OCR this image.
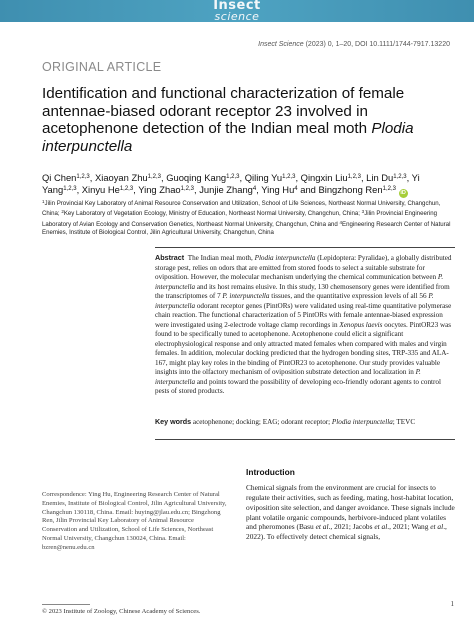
Insect
science
Insect Science (2023) 0, 1–20, DOI 10.1111/1744-7917.13220
ORIGINAL ARTICLE
Identification and functional characterization of female antennae-biased odorant receptor 23 involved in acetophenone detection of the Indian meal moth Plodia interpunctella
Qi Chen$^{1,2,3}$, Xiaoyan Zhu$^{1,2,3}$, Guoqing Kang$^{1,2,3}$, Qiling Yu$^{1,2,3}$, Qingxin Liu$^{1,2,3}$, Lin Du$^{1,2,3}$, Yi Yang$^{1,2,3}$, Xinyu He$^{1,2,3}$, Ying Zhao$^{1,2,3}$, Junjie Zhang$^4$, Ying Hu$^4$ and Bingzhong Ren$^{1,2,3}$ iD
$^1$Jilin Provincial Key Laboratory of Animal Resource Conservation and Utilization, School of Life Sciences, Northeast Normal University, Changchun, China; $^2$Key Laboratory of Vegetation Ecology, Ministry of Education, Northeast Normal University, Changchun, China; $^3$Jilin Provincial Engineering Laboratory of Avian Ecology and Conservation Genetics, Northeast Normal University, Changchun, China and $^4$Engineering Research Center of Natural Enemies, Institute of Biological Control, Jilin Agricultural University, Changchun, China
Abstract The Indian meal moth, Plodia interpunctella (Lepidoptera: Pyralidae), a globally distributed storage pest, relies on odors that are emitted from stored foods to select a suitable substrate for oviposition. However, the molecular mechanism underlying the chemical communication between P. interpunctella and its host remains elusive. In this study, 130 chemosensory genes were identified from the transcriptomes of 7 P. interpunctella tissues, and the quantitative expression levels of all 56 P. interpunctella odorant receptor genes (PintORs) were validated using real-time quantitative polymerase chain reaction. The functional characterization of 5 PintORs with female antennae-biased expression were investigated using 2-electrode voltage clamp recordings in Xenopus laevis oocytes. PintOR23 was found to be specifically tuned to acetophenone. Acetophenone could elicit a significant electrophysiological response and only attracted mated females when compared with males and virgin females. In addition, molecular docking predicted that the hydrogen bonding sites, TRP-335 and ALA-167, might play key roles in the binding of PintOR23 to acetophenone. Our study provides valuable insights into the olfactory mechanism of oviposition substrate detection and localization in P. interpunctella and points toward the possibility of developing eco-friendly odorant agents to control pests of stored products.
Key words acetophenone; docking; EAG; odorant receptor; Plodia interpunctella; TEVC
Introduction
Chemical signals from the environment are crucial for insects to regulate their activities, such as feeding, mating, host-habitat location, oviposition site selection, and danger avoidance. These signals include plant volatile organic compounds, herbivore-induced plant volatiles and pheromones (Basu et al., 2021; Jacobs et al., 2021; Wang et al., 2022). To effectively detect chemical signals,
Correspondence: Ying Hu, Engineering Research Center of Natural Enemies, Institute of Biological Control, Jilin Agricultural University, Changchun 130118, China. Email: huying@jlau.edu.cn; Bingzhong Ren, Jilin Provincial Key Laboratory of Animal Resource Conservation and Utilization, School of Life Sciences, Northeast Normal University, Changchun 130024, China. Email: bzren@nenu.edu.cn
1
© 2023 Institute of Zoology, Chinese Academy of Sciences.
